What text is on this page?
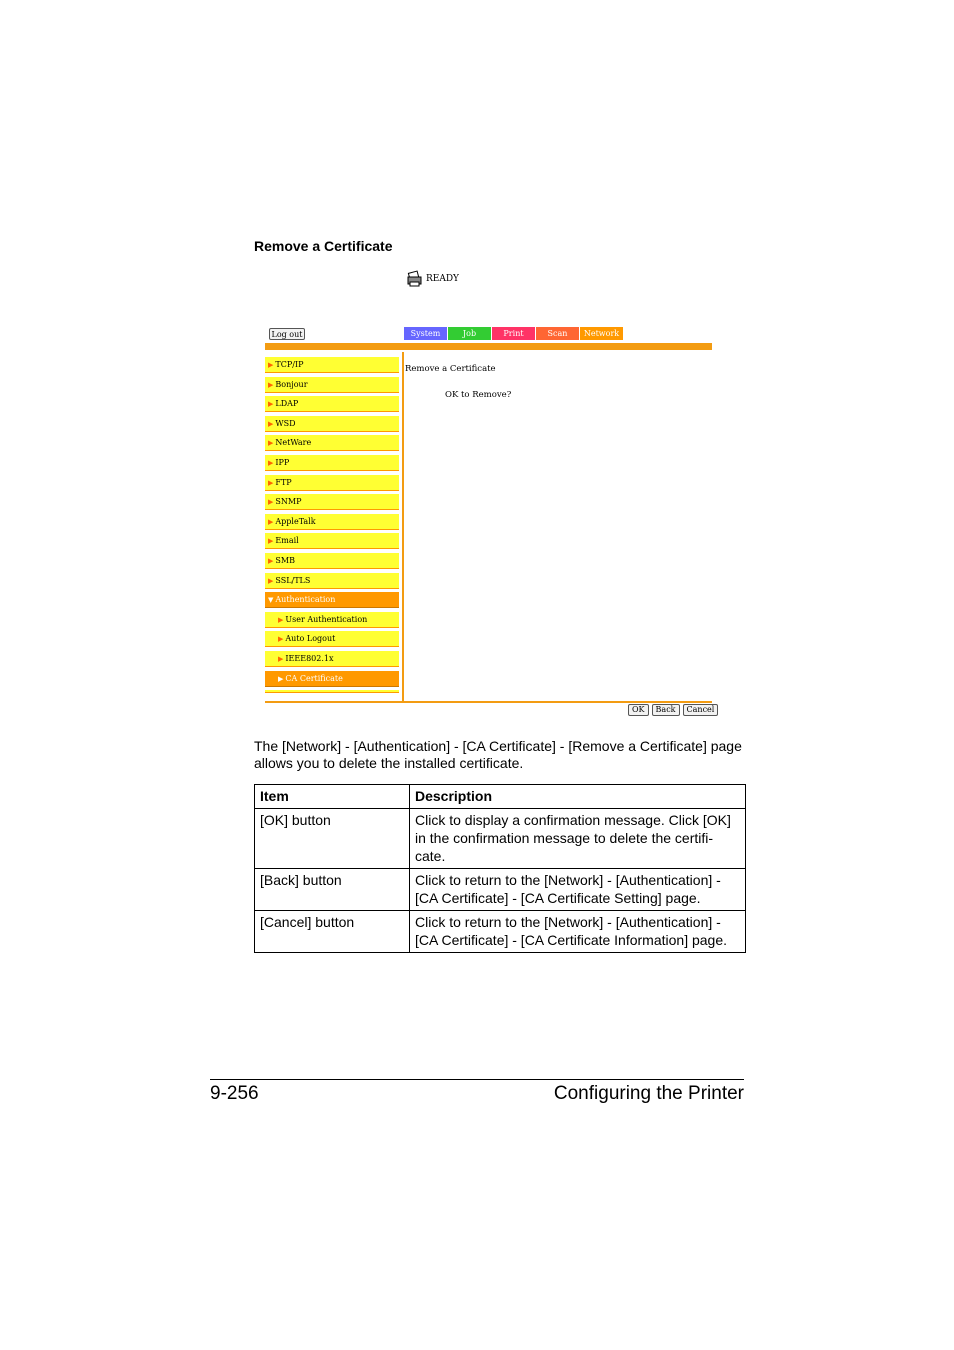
Remove a Certificate
READY
Log out	System	Job	Print	Scan	Network
▶ TCP/IP
▶ Bonjour
▶ LDAP
▶ WSD
▶ NetWare
▶ IPP
▶ FTP
▶ SNMP
▶ AppleTalk
▶ Email
▶ SMB
▶ SSL/TLS
▼ Authentication
▶ User Authentication
▶ Auto Logout
▶ IEEE802.1x
▶ CA Certificate
Remove a Certificate
OK to Remove?
OK	Back	Cancel
The [Network] - [Authentication] - [CA Certificate] - [Remove a Certificate] page allows you to delete the installed certificate.
Item	Description
[OK] button	Click to display a confirmation message. Click [OK] in the confirmation message to delete the certifi-cate.
[Back] button	Click to return to the [Network] - [Authentication] - [CA Certificate] - [CA Certificate Setting] page.
[Cancel] button	Click to return to the [Network] - [Authentication] - [CA Certificate] - [CA Certificate Information] page.
9-256	Configuring the Printer
